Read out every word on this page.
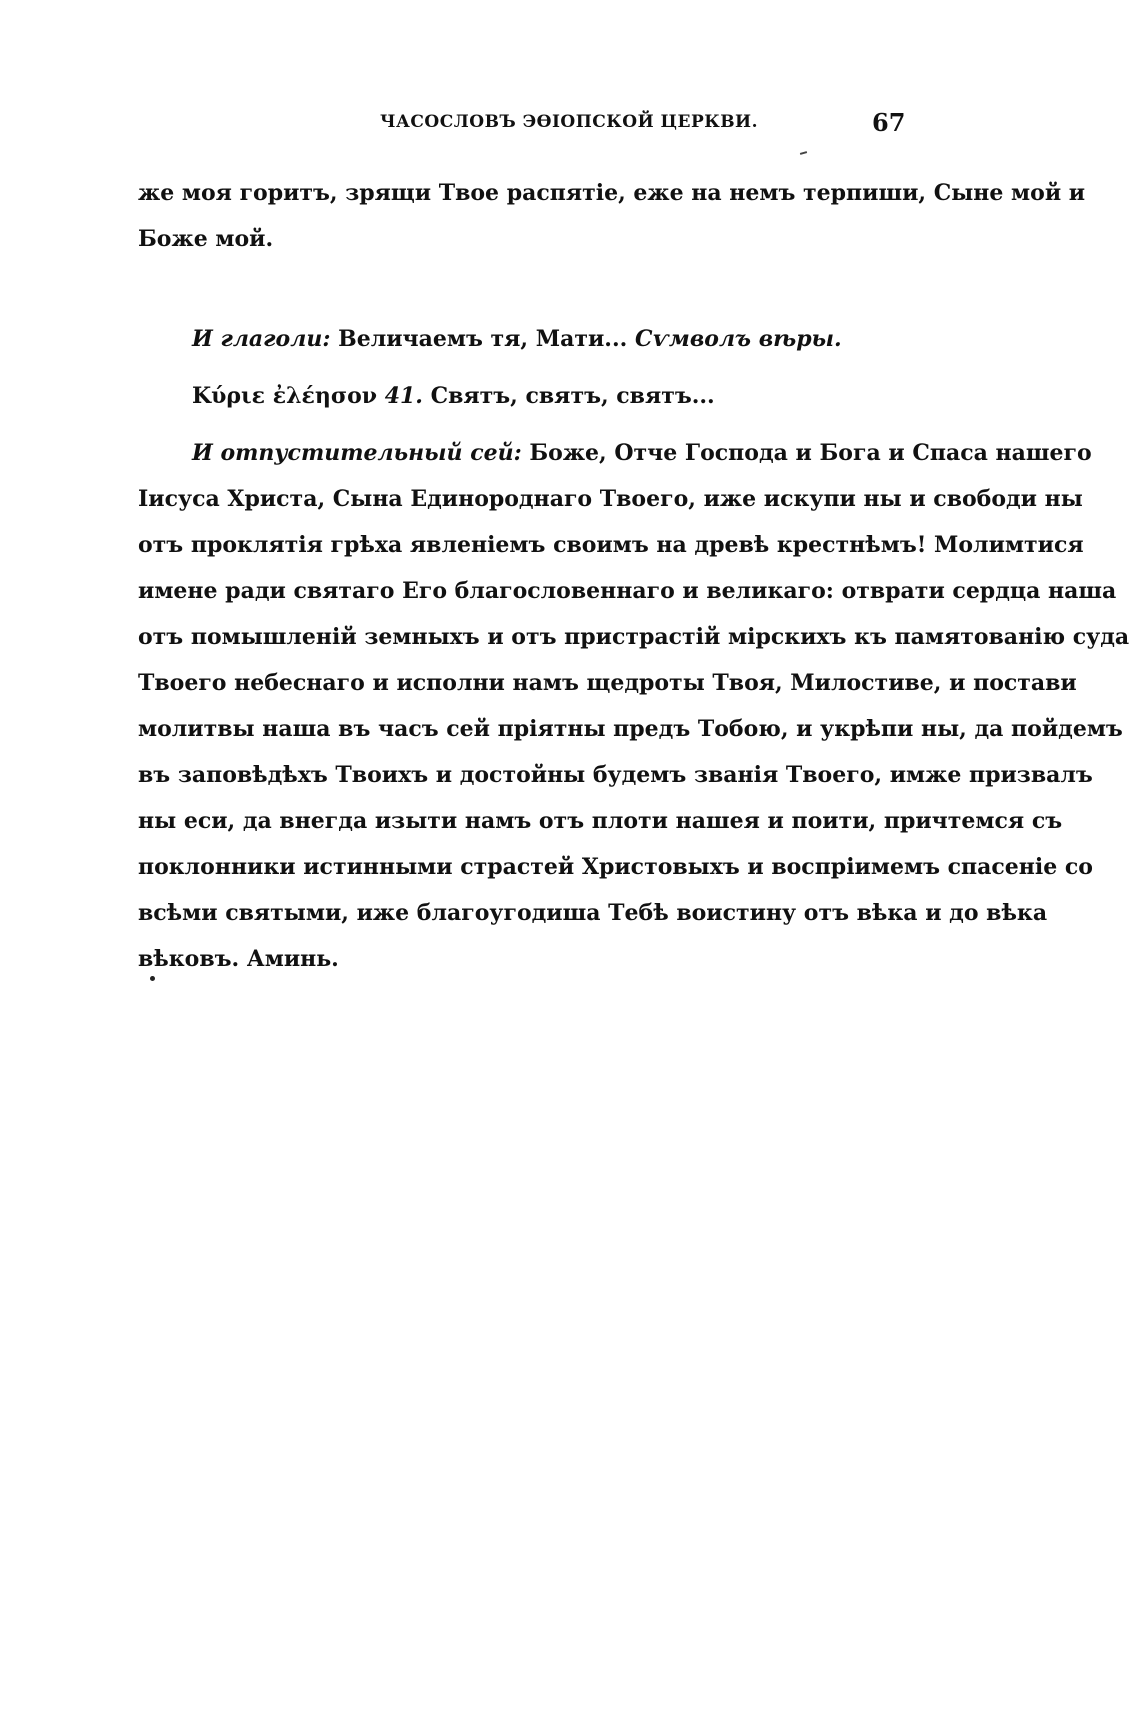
ЧАСОСЛОВЪ ЭѲІОПСКОЙ ЦЕРКВИ.	67
же моя горитъ, зрящи Твое распятіе, еже на немъ терпиши, Сыне мой и
Боже мой.
И глаголи: Величаемъ тя, Мати... Сѵмволъ вѣры.
Κύριε ἐλέησον 41. Святъ, святъ, святъ...
И отпустительный сей: Боже, Отче Господа и Бога и Спаса нашего
Іисуса Христа, Сына Единороднаго Твоего, иже искупи ны и свободи ны
отъ проклятія грѣха явленіемъ своимъ на древѣ крестнѣмъ! Молимтися
имене ради святаго Его благословеннаго и великаго: отврати сердца наша
отъ помышленій земныхъ и отъ пристрастій мірскихъ къ памятованію суда
Твоего небеснаго и исполни намъ щедроты Твоя, Милостиве, и постави
молитвы наша въ часъ сей пріятны предъ Тобою, и укрѣпи ны, да пойдемъ
въ заповѣдѣхъ Твоихъ и достойны будемъ званія Твоего, имже призвалъ
ны еси, да внегда изыти намъ отъ плоти нашея и поити, причтемся съ
поклонники истинными страстей Христовыхъ и воспріимемъ спасеніе со
всѣми святыми, иже благоугодиша Тебѣ воистину отъ вѣка и до вѣка
вѣковъ. Аминь.
